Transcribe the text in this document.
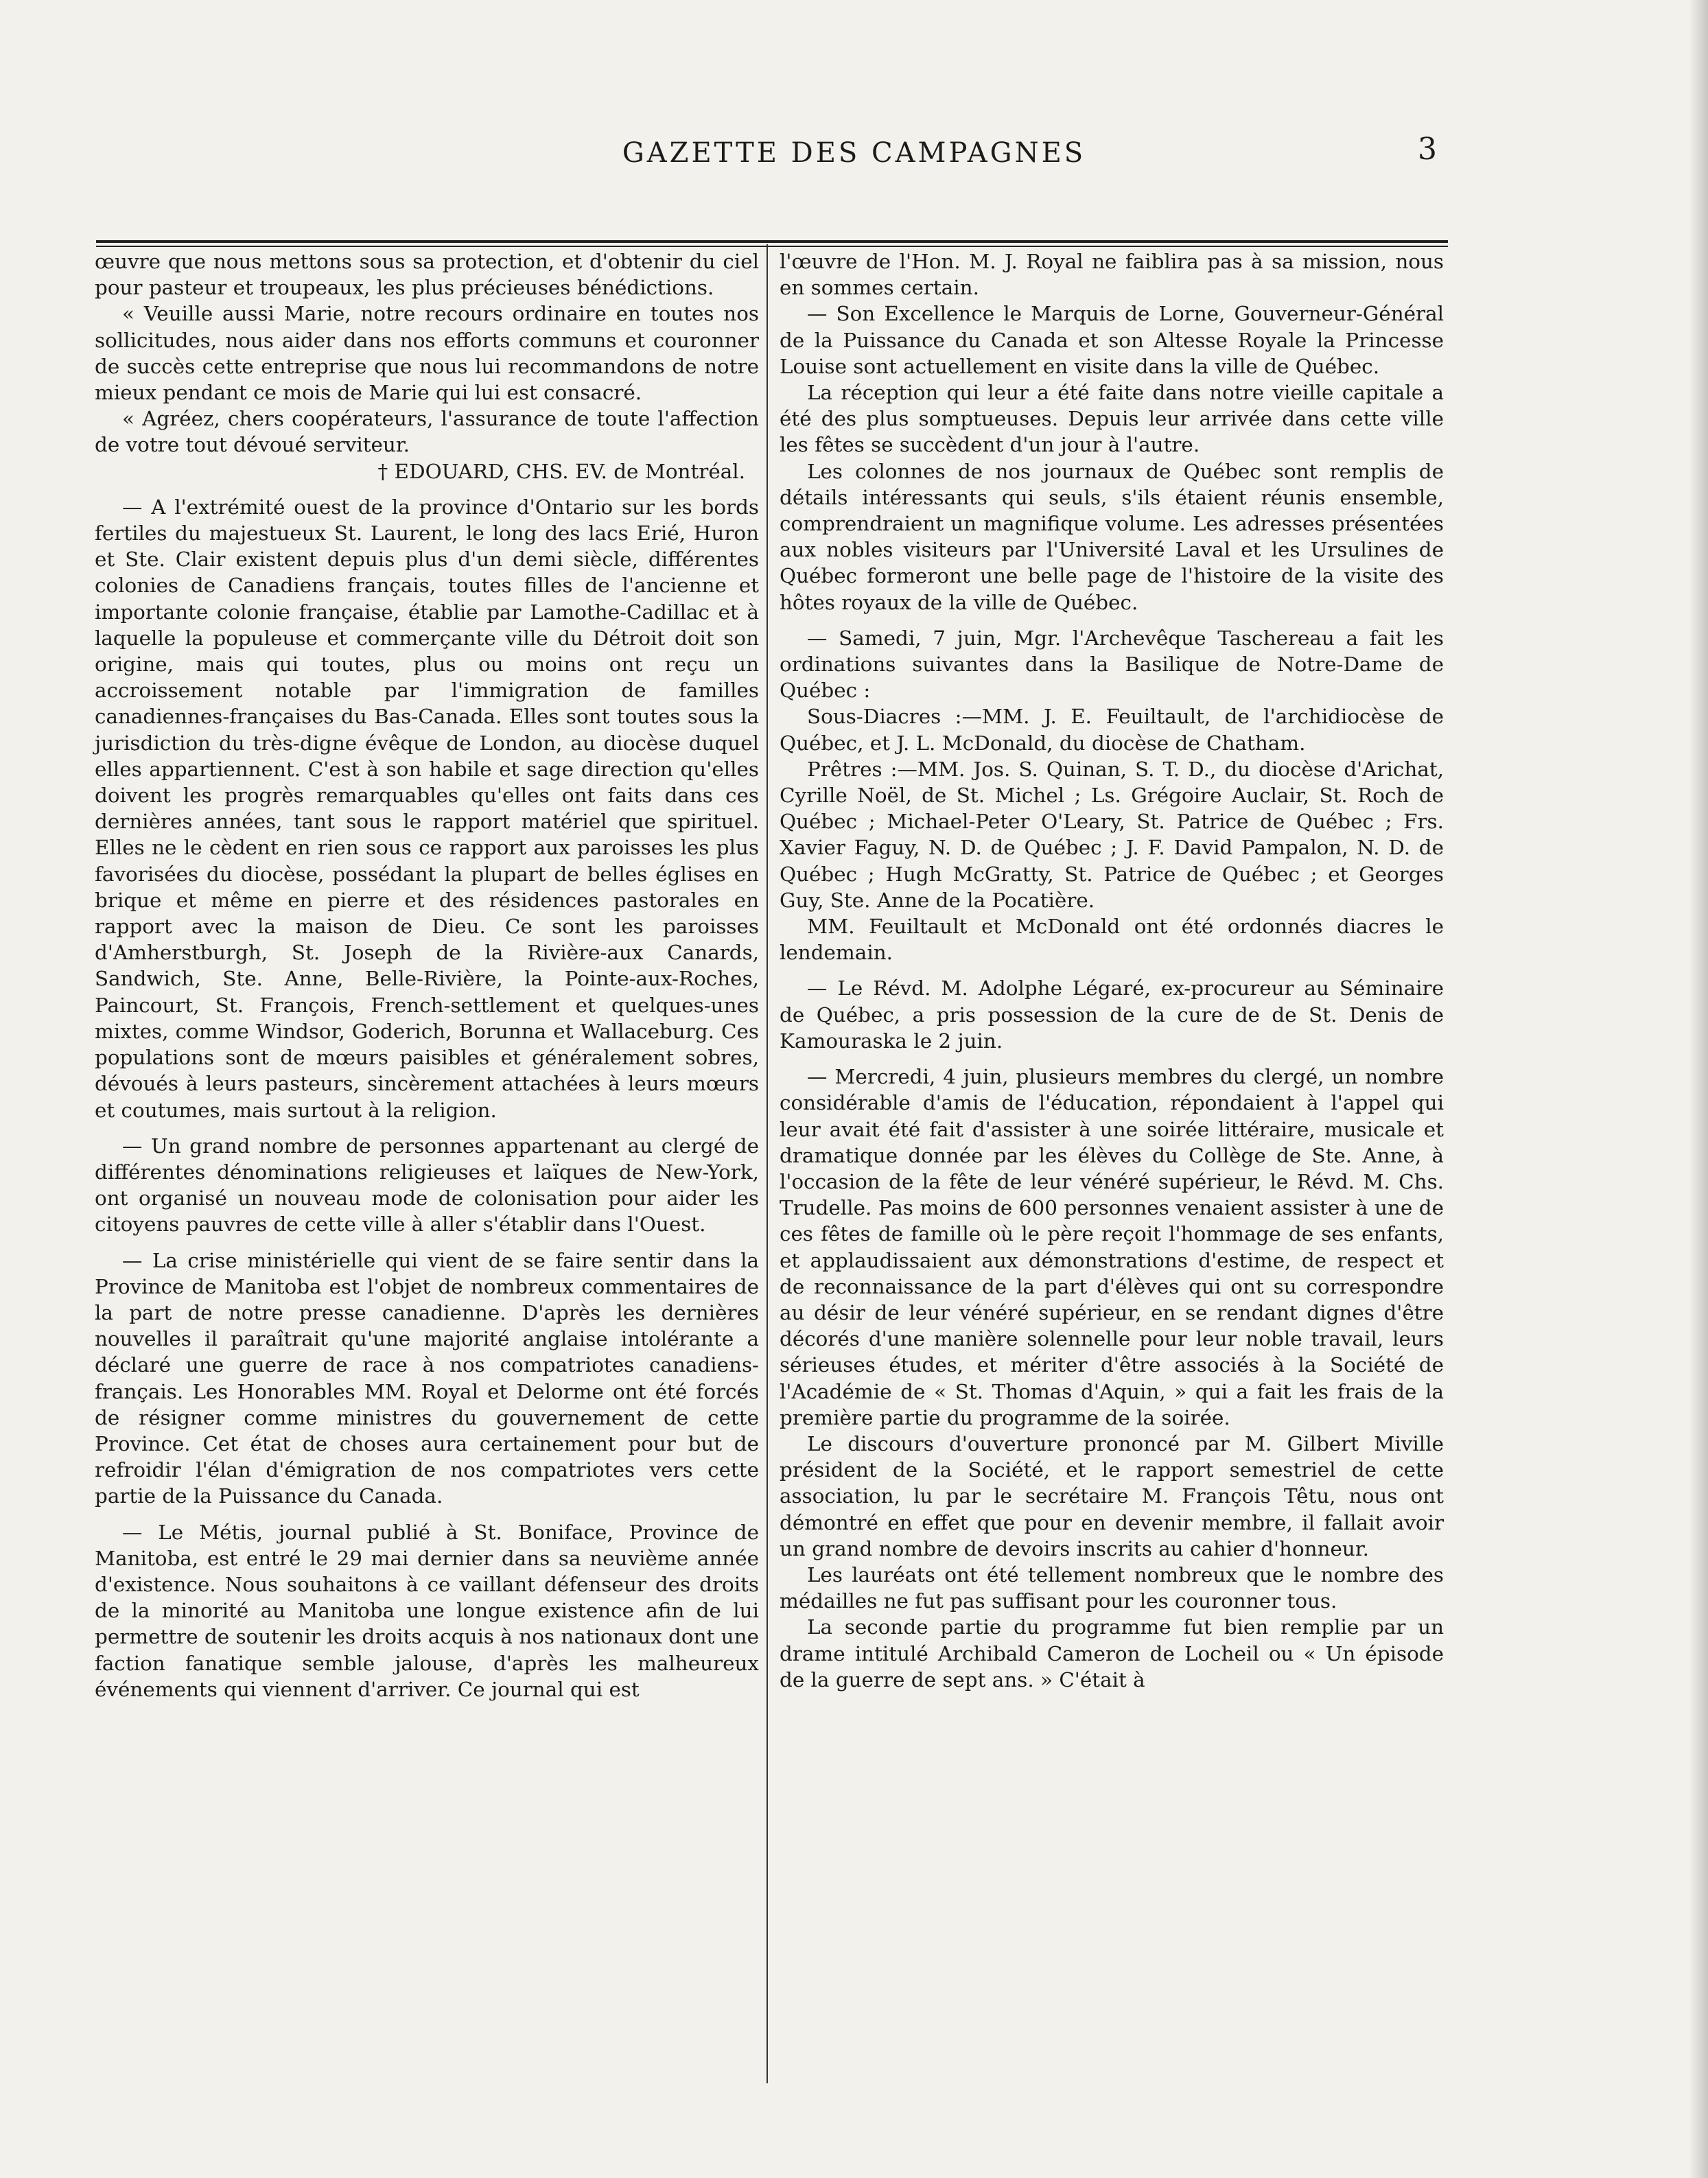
GAZETTE DES CAMPAGNES	3

œuvre que nous mettons sous sa protection, et d'obtenir du ciel pour pasteur et troupeaux, les plus précieuses bénédictions.

« Veuille aussi Marie, notre recours ordinaire en toutes nos sollicitudes, nous aider dans nos efforts communs et couronner de succès cette entreprise que nous lui recommandons de notre mieux pendant ce mois de Marie qui lui est consacré.

« Agréez, chers coopérateurs, l'assurance de toute l'affection de votre tout dévoué serviteur.

† EDOUARD, CHS. EV. de Montréal.

— A l'extrémité ouest de la province d'Ontario sur les bords fertiles du majestueux St. Laurent, le long des lacs Erié, Huron et Ste. Clair existent depuis plus d'un demi siècle, différentes colonies de Canadiens français, toutes filles de l'ancienne et importante colonie française, établie par Lamothe-Cadillac et à laquelle la populeuse et commerçante ville du Détroit doit son origine, mais qui toutes, plus ou moins ont reçu un accroissement notable par l'immigration de familles canadiennes-françaises du Bas-Canada. Elles sont toutes sous la jurisdiction du très-digne évêque de London, au diocèse duquel elles appartiennent. C'est à son habile et sage direction qu'elles doivent les progrès remarquables qu'elles ont faits dans ces dernières années, tant sous le rapport matériel que spirituel. Elles ne le cèdent en rien sous ce rapport aux paroisses les plus favorisées du diocèse, possédant la plupart de belles églises en brique et même en pierre et des résidences pastorales en rapport avec la maison de Dieu. Ce sont les paroisses d'Amherstburgh, St. Joseph de la Rivière-aux Canards, Sandwich, Ste. Anne, Belle-Rivière, la Pointe-aux-Roches, Paincourt, St. François, French-settlement et quelques-unes mixtes, comme Windsor, Goderich, Borunna et Wallaceburg. Ces populations sont de mœurs paisibles et généralement sobres, dévoués à leurs pasteurs, sincèrement attachées à leurs mœurs et coutumes, mais surtout à la religion.

— Un grand nombre de personnes appartenant au clergé de différentes dénominations religieuses et laïques de New-York, ont organisé un nouveau mode de colonisation pour aider les citoyens pauvres de cette ville à aller s'établir dans l'Ouest.

— La crise ministérielle qui vient de se faire sentir dans la Province de Manitoba est l'objet de nombreux commentaires de la part de notre presse canadienne. D'après les dernières nouvelles il paraîtrait qu'une majorité anglaise intolérante a déclaré une guerre de race à nos compatriotes canadiens-français. Les Honorables MM. Royal et Delorme ont été forcés de résigner comme ministres du gouvernement de cette Province. Cet état de choses aura certainement pour but de refroidir l'élan d'émigration de nos compatriotes vers cette partie de la Puissance du Canada.

— Le Métis, journal publié à St. Boniface, Province de Manitoba, est entré le 29 mai dernier dans sa neuvième année d'existence. Nous souhaitons à ce vaillant défenseur des droits de la minorité au Manitoba une longue existence afin de lui permettre de soutenir les droits acquis à nos nationaux dont une faction fanatique semble jalouse, d'après les malheureux événements qui viennent d'arriver. Ce journal qui est

l'œuvre de l'Hon. M. J. Royal ne faiblira pas à sa mission, nous en sommes certain.

— Son Excellence le Marquis de Lorne, Gouverneur-Général de la Puissance du Canada et son Altesse Royale la Princesse Louise sont actuellement en visite dans la ville de Québec.

La réception qui leur a été faite dans notre vieille capitale a été des plus somptueuses. Depuis leur arrivée dans cette ville les fêtes se succèdent d'un jour à l'autre.

Les colonnes de nos journaux de Québec sont remplis de détails intéressants qui seuls, s'ils étaient réunis ensemble, comprendraient un magnifique volume. Les adresses présentées aux nobles visiteurs par l'Université Laval et les Ursulines de Québec formeront une belle page de l'histoire de la visite des hôtes royaux de la ville de Québec.

— Samedi, 7 juin, Mgr. l'Archevêque Taschereau a fait les ordinations suivantes dans la Basilique de Notre-Dame de Québec :

Sous-Diacres :—MM. J. E. Feuiltault, de l'archidiocèse de Québec, et J. L. McDonald, du diocèse de Chatham.

Prêtres :—MM. Jos. S. Quinan, S. T. D., du diocèse d'Arichat, Cyrille Noël, de St. Michel ; Ls. Grégoire Auclair, St. Roch de Québec ; Michael-Peter O'Leary, St. Patrice de Québec ; Frs. Xavier Faguy, N. D. de Québec ; J. F. David Pampalon, N. D. de Québec ; Hugh McGratty, St. Patrice de Québec ; et Georges Guy, Ste. Anne de la Pocatière.

MM. Feuiltault et McDonald ont été ordonnés diacres le lendemain.

— Le Révd. M. Adolphe Légaré, ex-procureur au Séminaire de Québec, a pris possession de la cure de de St. Denis de Kamouraska le 2 juin.

— Mercredi, 4 juin, plusieurs membres du clergé, un nombre considérable d'amis de l'éducation, répondaient à l'appel qui leur avait été fait d'assister à une soirée littéraire, musicale et dramatique donnée par les élèves du Collège de Ste. Anne, à l'occasion de la fête de leur vénéré supérieur, le Révd. M. Chs. Trudelle. Pas moins de 600 personnes venaient assister à une de ces fêtes de famille où le père reçoit l'hommage de ses enfants, et applaudissaient aux démonstrations d'estime, de respect et de reconnaissance de la part d'élèves qui ont su correspondre au désir de leur vénéré supérieur, en se rendant dignes d'être décorés d'une manière solennelle pour leur noble travail, leurs sérieuses études, et mériter d'être associés à la Société de l'Académie de « St. Thomas d'Aquin, » qui a fait les frais de la première partie du programme de la soirée.

Le discours d'ouverture prononcé par M. Gilbert Miville président de la Société, et le rapport semestriel de cette association, lu par le secrétaire M. François Têtu, nous ont démontré en effet que pour en devenir membre, il fallait avoir un grand nombre de devoirs inscrits au cahier d'honneur.

Les lauréats ont été tellement nombreux que le nombre des médailles ne fut pas suffisant pour les couronner tous.

La seconde partie du programme fut bien remplie par un drame intitulé Archibald Cameron de Locheil ou « Un épisode de la guerre de sept ans. » C'était à
